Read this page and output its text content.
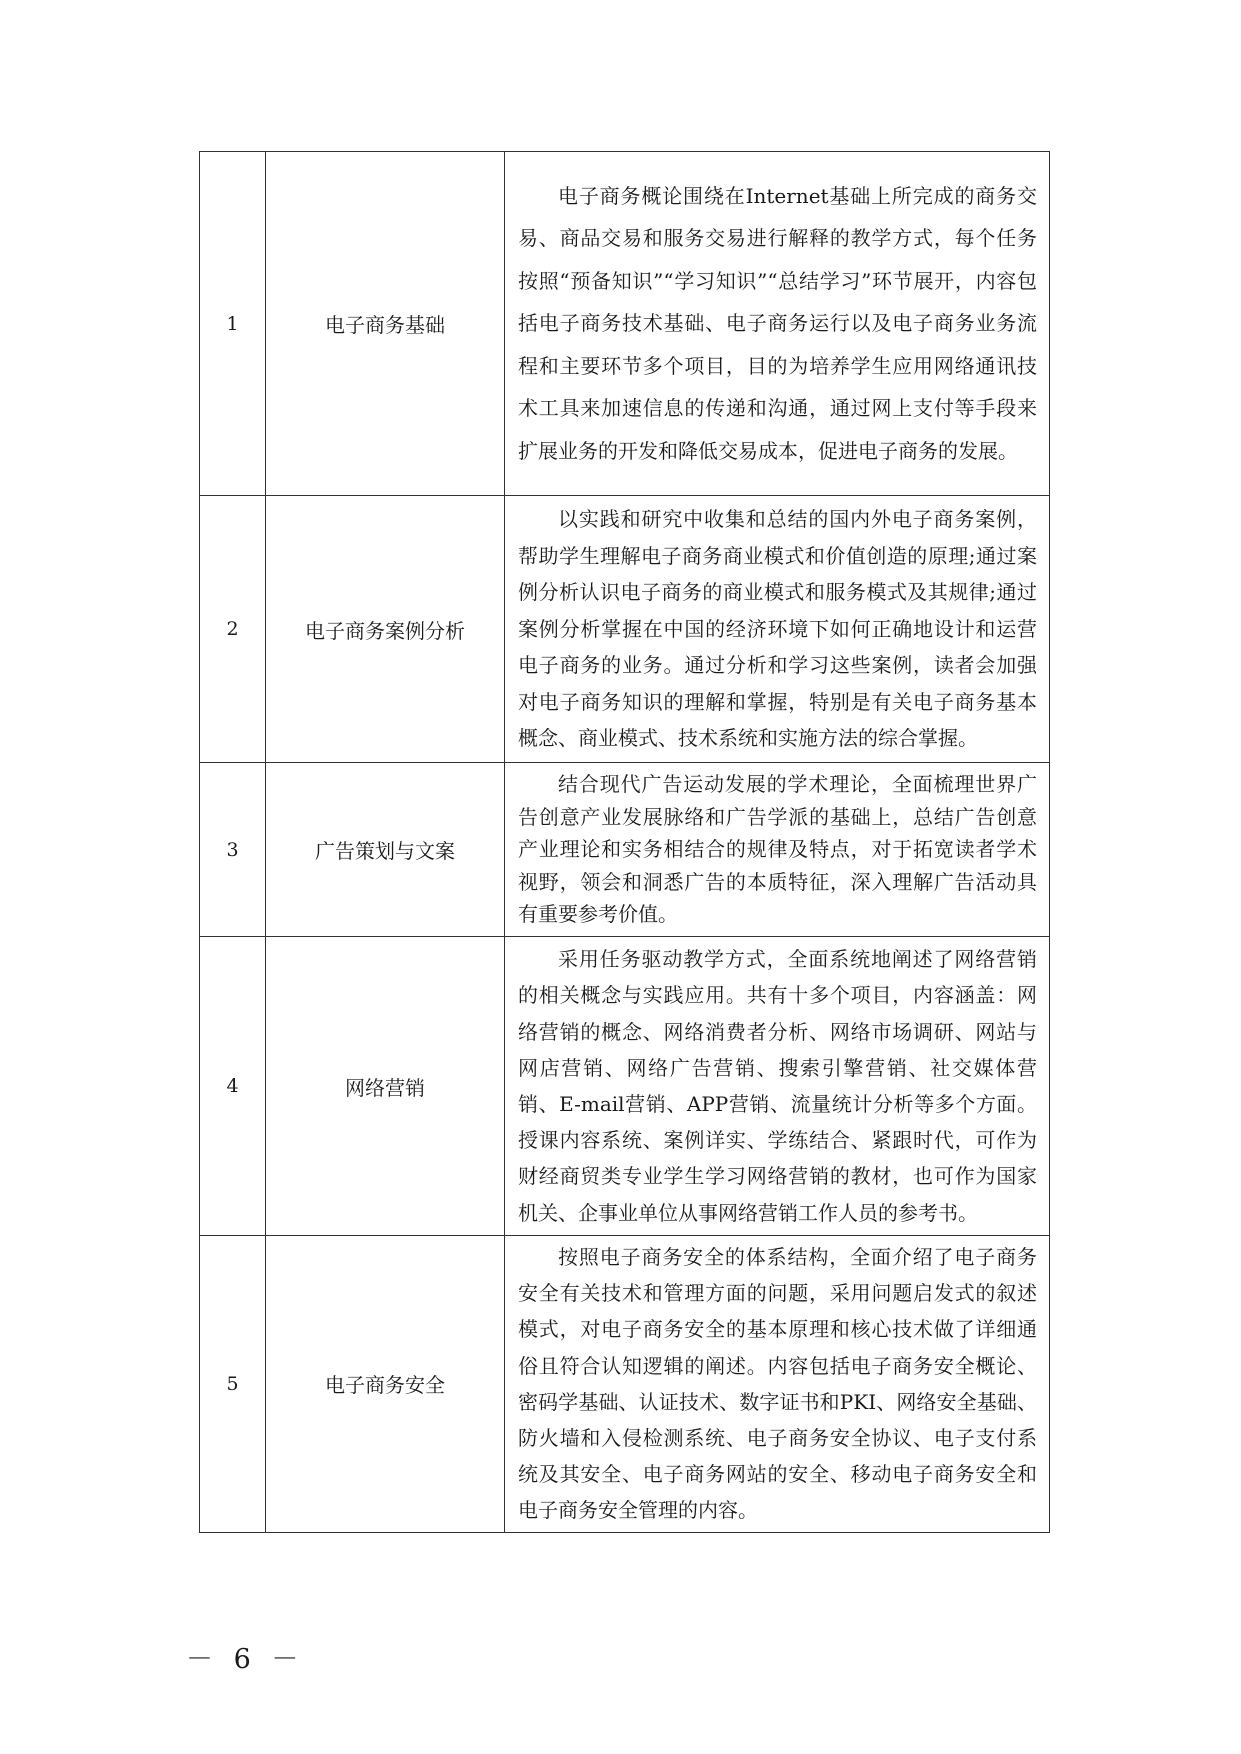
1	电子商务基础	电子商务概论围绕在Internet基础上所完成的商务交易、商品交易和服务交易进行解释的教学方式，每个任务按照“预备知识”“学习知识”“总结学习”环节展开，内容包括电子商务技术基础、电子商务运行以及电子商务业务流程和主要环节多个项目，目的为培养学生应用网络通讯技术工具来加速信息的传递和沟通，通过网上支付等手段来扩展业务的开发和降低交易成本，促进电子商务的发展。
2	电子商务案例分析	以实践和研究中收集和总结的国内外电子商务案例，帮助学生理解电子商务商业模式和价值创造的原理;通过案例分析认识电子商务的商业模式和服务模式及其规律;通过案例分析掌握在中国的经济环境下如何正确地设计和运营电子商务的业务。通过分析和学习这些案例，读者会加强对电子商务知识的理解和掌握，特别是有关电子商务基本概念、商业模式、技术系统和实施方法的综合掌握。
3	广告策划与文案	结合现代广告运动发展的学术理论，全面梳理世界广告创意产业发展脉络和广告学派的基础上，总结广告创意产业理论和实务相结合的规律及特点，对于拓宽读者学术视野，领会和洞悉广告的本质特征，深入理解广告活动具有重要参考价值。
4	网络营销	采用任务驱动教学方式，全面系统地阐述了网络营销的相关概念与实践应用。共有十多个项目，内容涵盖：网络营销的概念、网络消费者分析、网络市场调研、网站与网店营销、网络广告营销、搜索引擎营销、社交媒体营销、E-mail营销、APP营销、流量统计分析等多个方面。授课内容系统、案例详实、学练结合、紧跟时代，可作为财经商贸类专业学生学习网络营销的教材，也可作为国家机关、企事业单位从事网络营销工作人员的参考书。
5	电子商务安全	按照电子商务安全的体系结构，全面介绍了电子商务安全有关技术和管理方面的问题，采用问题启发式的叙述模式，对电子商务安全的基本原理和核心技术做了详细通俗且符合认知逻辑的阐述。内容包括电子商务安全概论、密码学基础、认证技术、数字证书和PKI、网络安全基础、防火墙和入侵检测系统、电子商务安全协议、电子支付系统及其安全、电子商务网站的安全、移动电子商务安全和电子商务安全管理的内容。
－ 6 －
